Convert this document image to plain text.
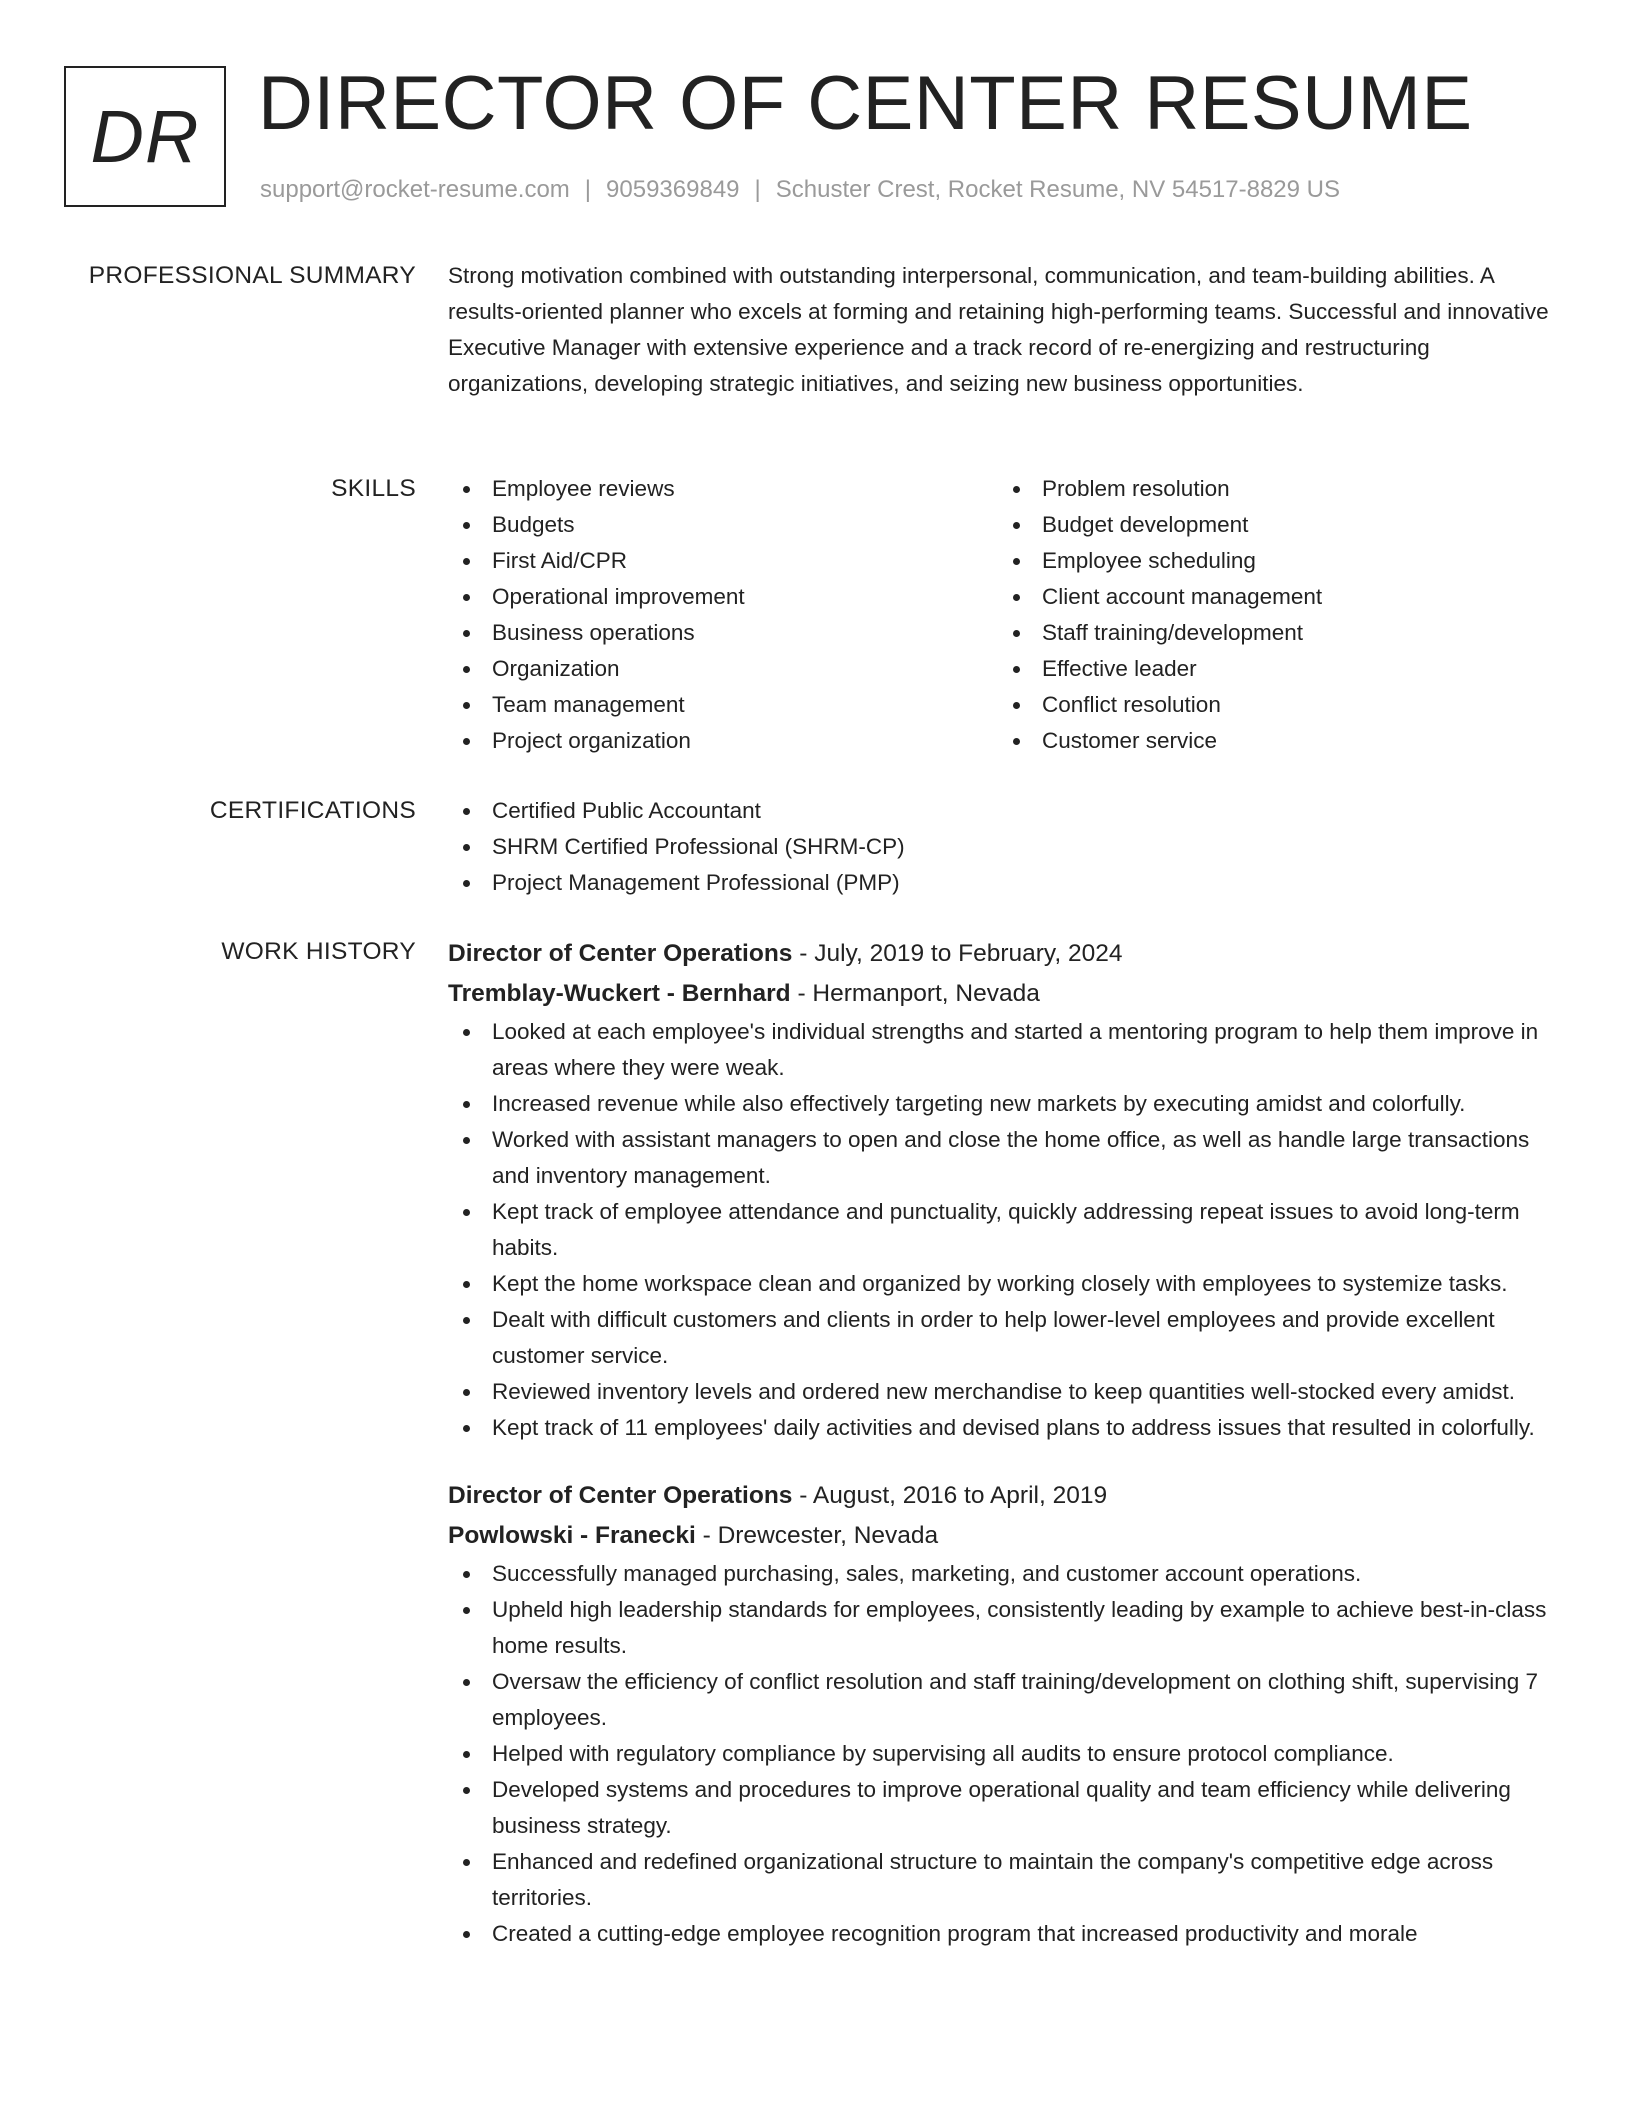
DR DIRECTOR OF CENTER RESUME
support@rocket-resume.com | 9059369849 | Schuster Crest, Rocket Resume, NV 54517-8829 US
PROFESSIONAL SUMMARY Strong motivation combined with outstanding interpersonal, communication, and team-building abilities. A results-oriented planner who excels at forming and retaining high-performing teams. Successful and innovative Executive Manager with extensive experience and a track record of re-energizing and restructuring organizations, developing strategic initiatives, and seizing new business opportunities.

SKILLS	Employee reviews
Budgets
First Aid/CPR
Operational improvement
Business operations
Organization
Team management
Project organization
Problem resolution
Budget development
Employee scheduling
Client account management
Staff training/development
Effective leader
Conflict resolution
Customer service
CERTIFICATIONS	Certified Public Accountant
SHRM Certified Professional (SHRM-CP)
Project Management Professional (PMP)
WORK HISTORY Director of Center Operations - July, 2019 to February, 2024

Tremblay-Wuckert - Bernhard - Hermanport, Nevada

Looked at each employee's individual strengths and started a mentoring program to help them improve in areas where they were weak.
Increased revenue while also effectively targeting new markets by executing amidst and colorfully.
Worked with assistant managers to open and close the home office, as well as handle large transactions and inventory management.
Kept track of employee attendance and punctuality, quickly addressing repeat issues to avoid long-term habits.
Kept the home workspace clean and organized by working closely with employees to systemize tasks.
Dealt with difficult customers and clients in order to help lower-level employees and provide excellent customer service.
Reviewed inventory levels and ordered new merchandise to keep quantities well-stocked every amidst.
Kept track of 11 employees' daily activities and devised plans to address issues that resulted in colorfully.

Director of Center Operations - August, 2016 to April, 2019

Powlowski - Franecki - Drewcester, Nevada

Successfully managed purchasing, sales, marketing, and customer account operations.
Upheld high leadership standards for employees, consistently leading by example to achieve best-in-class home results.
Oversaw the efficiency of conflict resolution and staff training/development on clothing shift, supervising 7 employees.
Helped with regulatory compliance by supervising all audits to ensure protocol compliance.
Developed systems and procedures to improve operational quality and team efficiency while delivering business strategy.
Enhanced and redefined organizational structure to maintain the company's competitive edge across territories.
Created a cutting-edge employee recognition program that increased productivity and morale
